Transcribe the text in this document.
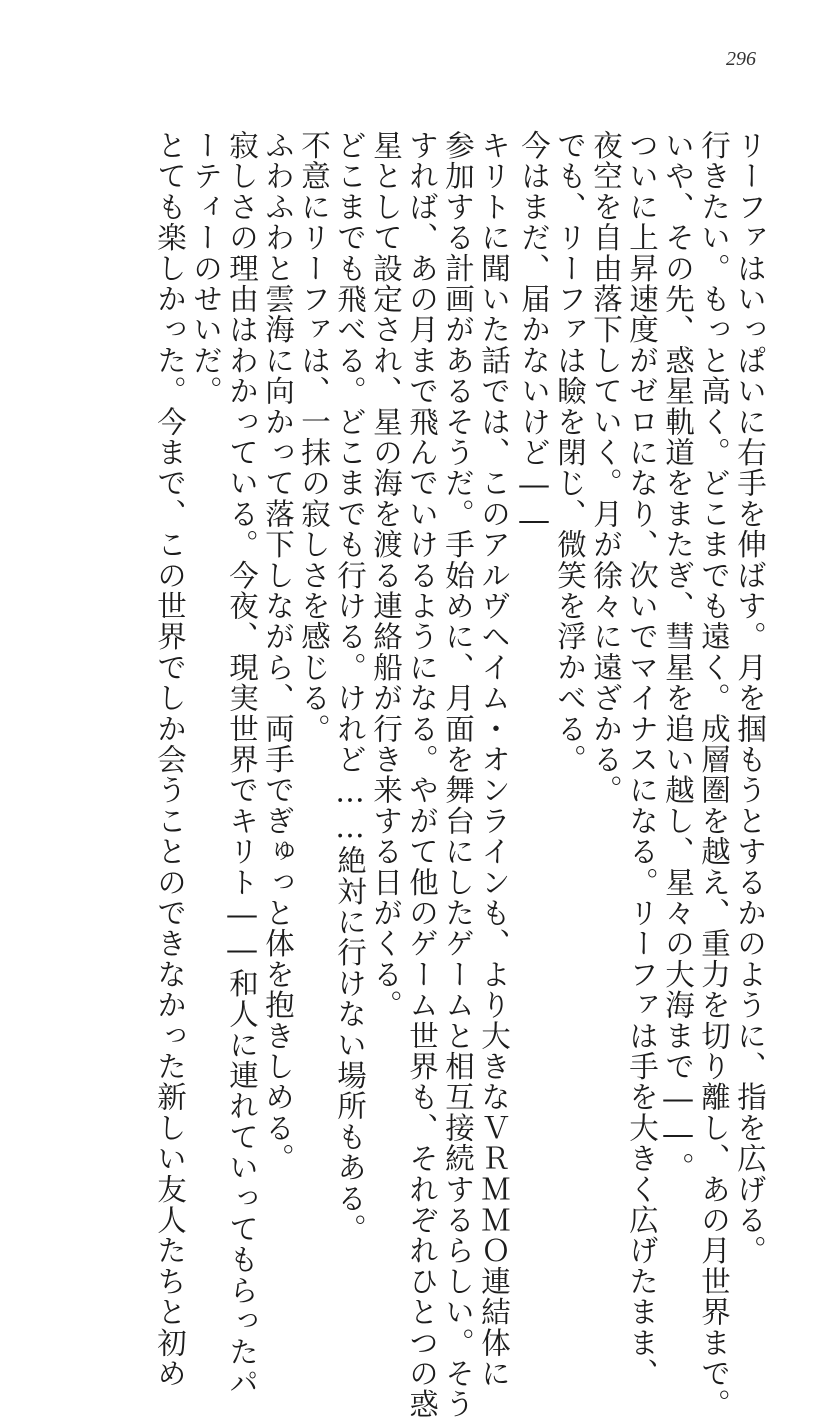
296
リーファはいっぱいに右手を伸ばす。月を掴もうとするかのように、指を広げる。
行きたい。もっと高く。どこまでも遠く。成層圏を越え、重力を切り離し、あの月世界まで。
いや、その先、惑星軌道をまたぎ、彗星を追い越し、星々の大海まで――。
ついに上昇速度がゼロになり、次いでマイナスになる。リーファは手を大きく広げたまま、
夜空を自由落下していく。月が徐々に遠ざかる。
でも、リーファは瞼を閉じ、微笑を浮かべる。
今はまだ、届かないけど――
キリトに聞いた話では、このアルヴヘイム・オンラインも、より大きなＶＲＭＭＯ連結体に
参加する計画があるそうだ。手始めに、月面を舞台にしたゲームと相互接続するらしい。そう
すれば、あの月まで飛んでいけるようになる。やがて他のゲーム世界も、それぞれひとつの惑
星として設定され、星の海を渡る連絡船が行き来する日がくる。
どこまでも飛べる。どこまでも行ける。けれど……絶対に行けない場所もある。
不意にリーファは、一抹の寂しさを感じる。
ふわふわと雲海に向かって落下しながら、両手でぎゅっと体を抱きしめる。
寂しさの理由はわかっている。今夜、現実世界でキリト――和人に連れていってもらったパ
ーティーのせいだ。
とても楽しかった。今まで、この世界でしか会うことのできなかった新しい友人たちと初め
